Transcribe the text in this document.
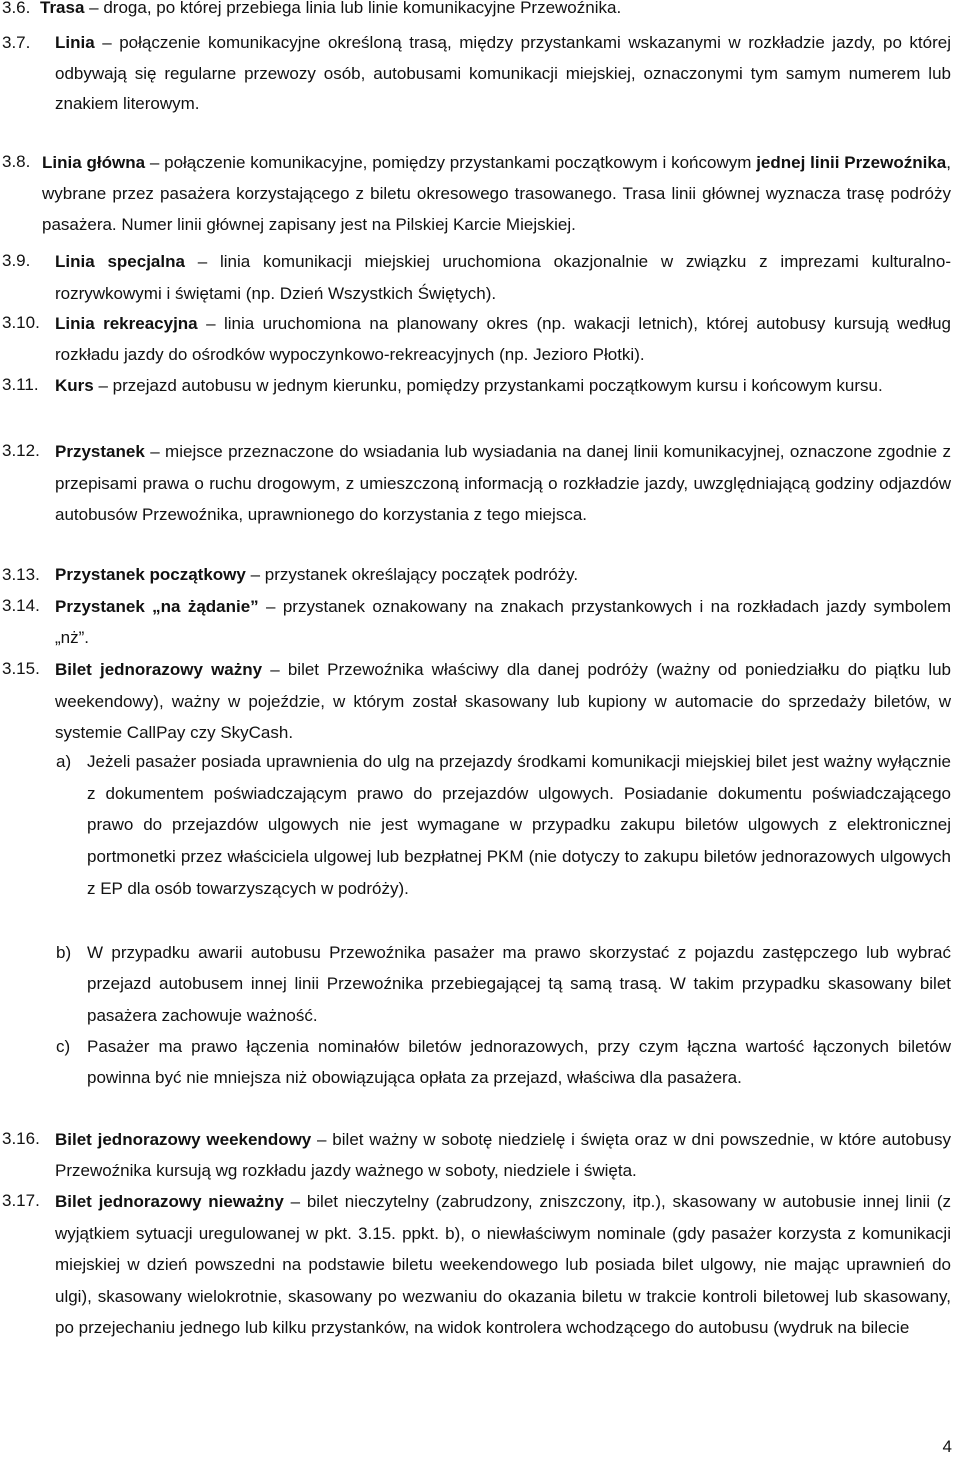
3.6. Trasa – droga, po której przebiega linia lub linie komunikacyjne Przewoźnika.
3.7. Linia – połączenie komunikacyjne określoną trasą, między przystankami wskazanymi w rozkładzie jazdy, po której odbywają się regularne przewozy osób, autobusami komunikacji miejskiej, oznaczonymi tym samym numerem lub znakiem literowym.
3.8. Linia główna – połączenie komunikacyjne, pomiędzy przystankami początkowym i końcowym jednej linii Przewoźnika, wybrane przez pasażera korzystającego z biletu okresowego trasowanego. Trasa linii głównej wyznacza trasę podróży pasażera. Numer linii głównej zapisany jest na Pilskiej Karcie Miejskiej.
3.9. Linia specjalna – linia komunikacji miejskiej uruchomiona okazjonalnie w związku z imprezami kulturalno-rozrywkowymi i świętami (np. Dzień Wszystkich Świętych).
3.10. Linia rekreacyjna – linia uruchomiona na planowany okres (np. wakacji letnich), której autobusy kursują według rozkładu jazdy do ośrodków wypoczynkowo-rekreacyjnych (np. Jezioro Płotki).
3.11. Kurs – przejazd autobusu w jednym kierunku, pomiędzy przystankami początkowym kursu i końcowym kursu.
3.12. Przystanek – miejsce przeznaczone do wsiadania lub wysiadania na danej linii komunikacyjnej, oznaczone zgodnie z przepisami prawa o ruchu drogowym, z umieszczoną informacją o rozkładzie jazdy, uwzględniającą godziny odjazdów autobusów Przewoźnika, uprawnionego do korzystania z tego miejsca.
3.13. Przystanek początkowy – przystanek określający początek podróży.
3.14. Przystanek „na żądanie” – przystanek oznakowany na znakach przystankowych i na rozkładach jazdy symbolem „nż”.
3.15. Bilet jednorazowy ważny – bilet Przewoźnika właściwy dla danej podróży (ważny od poniedziałku do piątku lub weekendowy), ważny w pojeździe, w którym został skasowany lub kupiony w automacie do sprzedaży biletów, w systemie CallPay czy SkyCash.
a) Jeżeli pasażer posiada uprawnienia do ulg na przejazdy środkami komunikacji miejskiej bilet jest ważny wyłącznie z dokumentem poświadczającym prawo do przejazdów ulgowych. Posiadanie dokumentu poświadczającego prawo do przejazdów ulgowych nie jest wymagane w przypadku zakupu biletów ulgowych z elektronicznej portmonetki przez właściciela ulgowej lub bezpłatnej PKM (nie dotyczy to zakupu biletów jednorazowych ulgowych z EP dla osób towarzyszących w podróży).
b) W przypadku awarii autobusu Przewoźnika pasażer ma prawo skorzystać z pojazdu zastępczego lub wybrać przejazd autobusem innej linii Przewoźnika przebiegającej tą samą trasą. W takim przypadku skasowany bilet pasażera zachowuje ważność.
c) Pasażer ma prawo łączenia nominałów biletów jednorazowych, przy czym łączna wartość łączonych biletów powinna być nie mniejsza niż obowiązująca opłata za przejazd, właściwa dla pasażera.
3.16. Bilet jednorazowy weekendowy – bilet ważny w sobotę niedzielę i święta oraz w dni powszednie, w które autobusy Przewoźnika kursują wg rozkładu jazdy ważnego w soboty, niedziele i święta.
3.17. Bilet jednorazowy nieważny – bilet nieczytelny (zabrudzony, zniszczony, itp.), skasowany w autobusie innej linii (z wyjątkiem sytuacji uregulowanej w pkt. 3.15. ppkt. b), o niewłaściwym nominale (gdy pasażer korzysta z komunikacji miejskiej w dzień powszedni na podstawie biletu weekendowego lub posiada bilet ulgowy, nie mając uprawnień do ulgi), skasowany wielokrotnie, skasowany po wezwaniu do okazania biletu w trakcie kontroli biletowej lub skasowany, po przejechaniu jednego lub kilku przystanków, na widok kontrolera wchodzącego do autobusu (wydruk na bilecie
4
